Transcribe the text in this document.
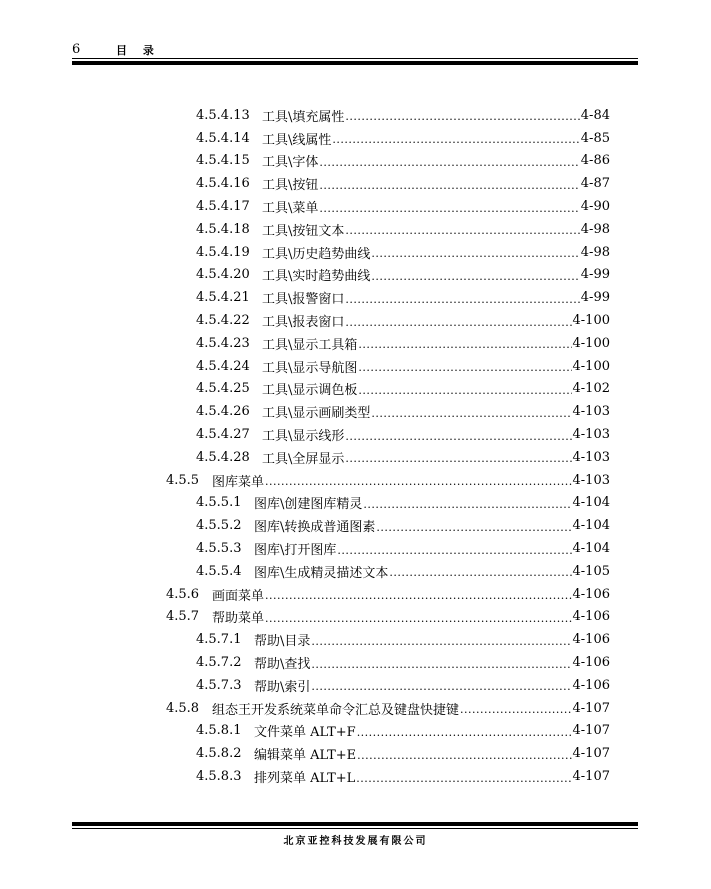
6	目 录
4.5.4.13 工具\填充属性 .....	4-84
4.5.4.14 工具\线属性 .....	4-85
4.5.4.15 工具\字体 .....	4-86
4.5.4.16 工具\按钮 .....	4-87
4.5.4.17 工具\菜单 .....	4-90
4.5.4.18 工具\按钮文本 .....	4-98
4.5.4.19 工具\历史趋势曲线 .....	4-98
4.5.4.20 工具\实时趋势曲线 .....	4-99
4.5.4.21 工具\报警窗口 .....	4-99
4.5.4.22 工具\报表窗口 .....	4-100
4.5.4.23 工具\显示工具箱 .....	4-100
4.5.4.24 工具\显示导航图 .....	4-100
4.5.4.25 工具\显示调色板 .....	4-102
4.5.4.26 工具\显示画刷类型 .....	4-103
4.5.4.27 工具\显示线形 .....	4-103
4.5.4.28 工具\全屏显示 .....	4-103
4.5.5 图库菜单 .....	4-103
4.5.5.1 图库\创建图库精灵 .....	4-104
4.5.5.2 图库\转换成普通图素 .....	4-104
4.5.5.3 图库\打开图库 .....	4-104
4.5.5.4 图库\生成精灵描述文本 .....	4-105
4.5.6 画面菜单 .....	4-106
4.5.7 帮助菜单 .....	4-106
4.5.7.1 帮助\目录 .....	4-106
4.5.7.2 帮助\查找 .....	4-106
4.5.7.3 帮助\索引 .....	4-106
4.5.8 组态王开发系统菜单命令汇总及键盘快捷键 .....	4-107
4.5.8.1 文件菜单 ALT+F .....	4-107
4.5.8.2 编辑菜单 ALT+E .....	4-107
4.5.8.3 排列菜单 ALT+L .....	4-107
北京亚控科技发展有限公司
